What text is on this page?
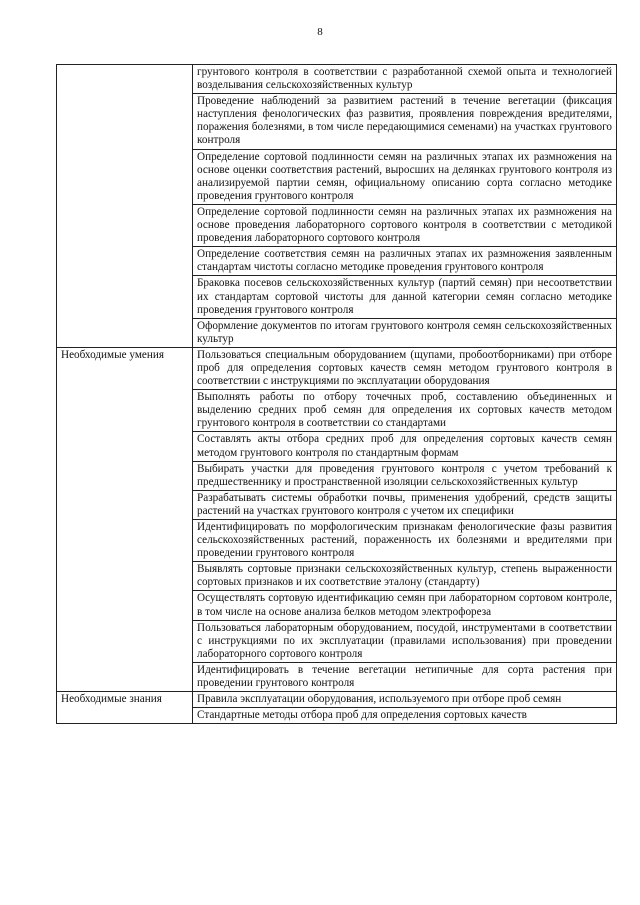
8
	грунтового контроля в соответствии с разработанной схемой опыта и технологией возделывания сельскохозяйственных культур
	Проведение наблюдений за развитием растений в течение вегетации (фиксация наступления фенологических фаз развития, проявления повреждения вредителями, поражения болезнями, в том числе передающимися семенами) на участках грунтового контроля
	Определение сортовой подлинности семян на различных этапах их размножения на основе оценки соответствия растений, выросших на делянках грунтового контроля из анализируемой партии семян, официальному описанию сорта согласно методике проведения грунтового контроля
	Определение сортовой подлинности семян на различных этапах их размножения на основе проведения лабораторного сортового контроля в соответствии с методикой проведения лабораторного сортового контроля
	Определение соответствия семян на различных этапах их размножения заявленным стандартам чистоты согласно методике проведения грунтового контроля
	Браковка посевов сельскохозяйственных культур (партий семян) при несоответствии их стандартам сортовой чистоты для данной категории семян согласно методике проведения грунтового контроля
	Оформление документов по итогам грунтового контроля семян сельскохозяйственных культур
Необходимые умения	Пользоваться специальным оборудованием (щупами, пробоотборниками) при отборе проб для определения сортовых качеств семян методом грунтового контроля в соответствии с инструкциями по эксплуатации оборудования
	Выполнять работы по отбору точечных проб, составлению объединенных и выделению средних проб семян для определения их сортовых качеств методом грунтового контроля в соответствии со стандартами
	Составлять акты отбора средних проб для определения сортовых качеств семян методом грунтового контроля по стандартным формам
	Выбирать участки для проведения грунтового контроля с учетом требований к предшественнику и пространственной изоляции сельскохозяйственных культур
	Разрабатывать системы обработки почвы, применения удобрений, средств защиты растений на участках грунтового контроля с учетом их специфики
	Идентифицировать по морфологическим признакам фенологические фазы развития сельскохозяйственных растений, пораженность их болезнями и вредителями при проведении грунтового контроля
	Выявлять сортовые признаки сельскохозяйственных культур, степень выраженности сортовых признаков и их соответствие эталону (стандарту)
	Осуществлять сортовую идентификацию семян при лабораторном сортовом контроле, в том числе на основе анализа белков методом электрофореза
	Пользоваться лабораторным оборудованием, посудой, инструментами в соответствии с инструкциями по их эксплуатации (правилами использования) при проведении лабораторного сортового контроля
	Идентифицировать в течение вегетации нетипичные для сорта растения при проведении грунтового контроля
Необходимые знания	Правила эксплуатации оборудования, используемого при отборе проб семян
	Стандартные методы отбора проб для определения сортовых качеств
